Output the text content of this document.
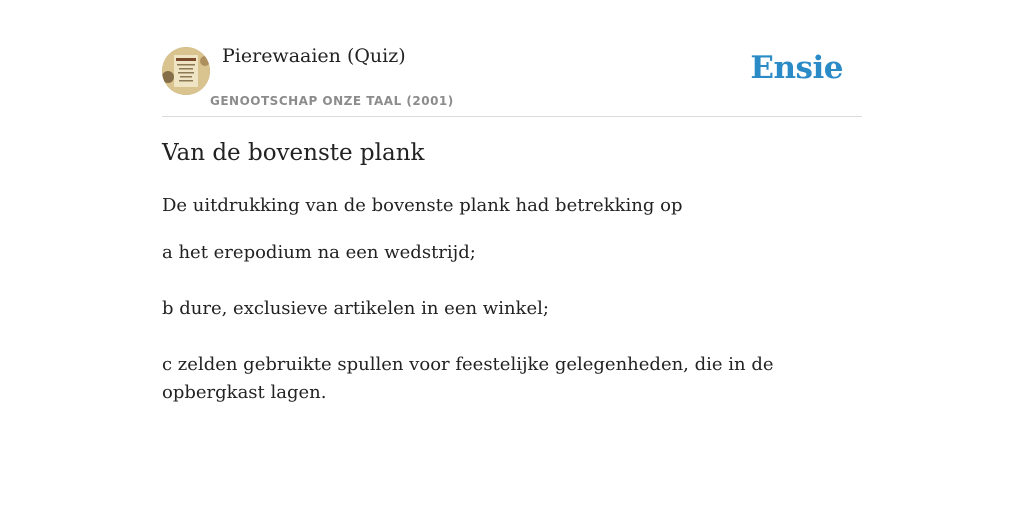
Pierewaaien (Quiz)
GENOOTSCHAP ONZE TAAL (2001)
Ensie
Van de bovenste plank

De uitdrukking van de bovenste plank had betrekking op

a het erepodium na een wedstrijd;

b dure, exclusieve artikelen in een winkel;

c zelden gebruikte spullen voor feestelijke gelegenheden, die in de opbergkast lagen.
